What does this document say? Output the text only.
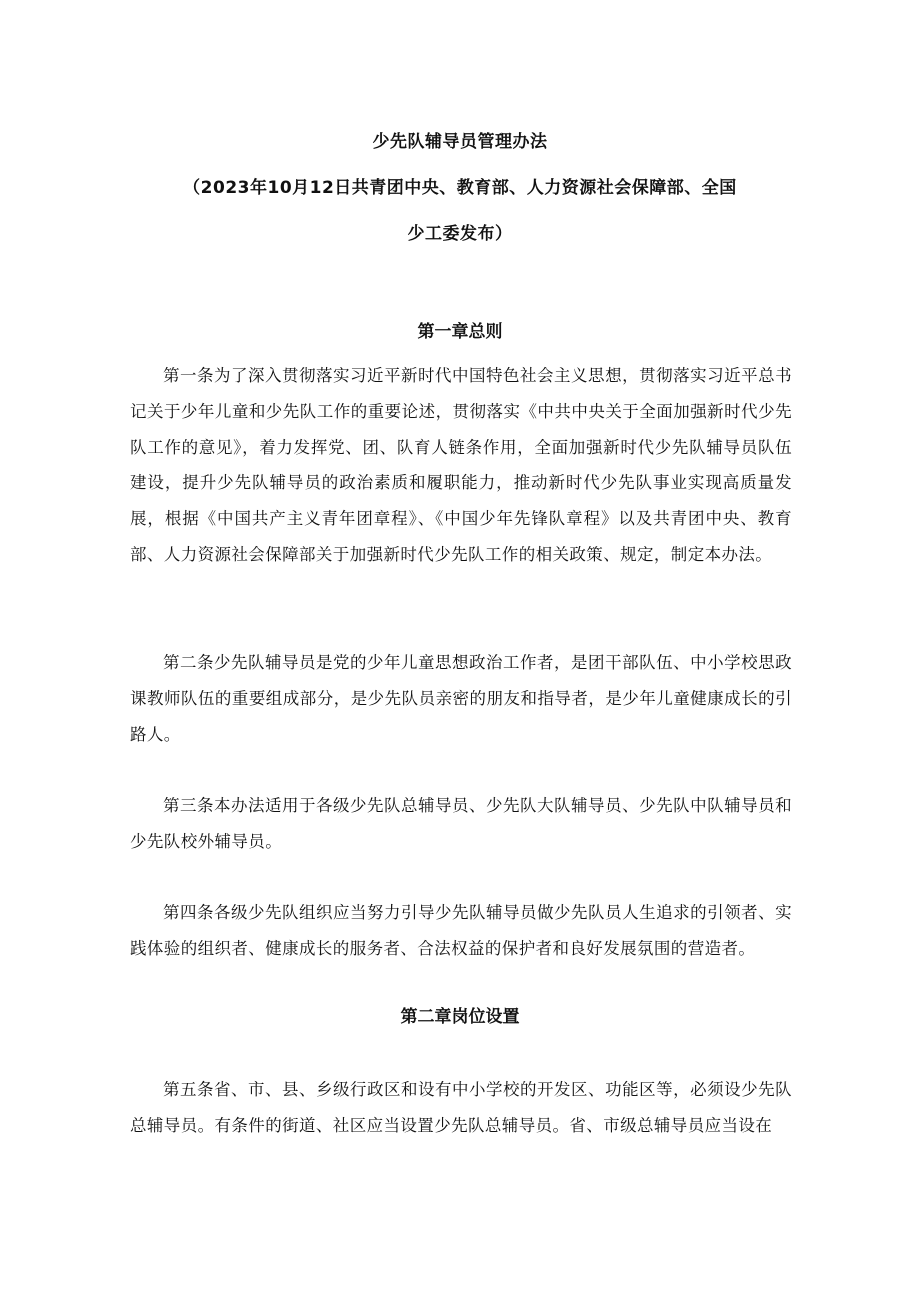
少先队辅导员管理办法
（2023年10月12日共青团中央、教育部、人力资源社会保障部、全国
少工委发布）
第一章总则
第一条为了深入贯彻落实习近平新时代中国特色社会主义思想，贯彻落实习近平总书记关于少年儿童和少先队工作的重要论述，贯彻落实《中共中央关于全面加强新时代少先队工作的意见》，着力发挥党、团、队育人链条作用，全面加强新时代少先队辅导员队伍建设，提升少先队辅导员的政治素质和履职能力，推动新时代少先队事业实现高质量发展，根据《中国共产主义青年团章程》、《中国少年先锋队章程》以及共青团中央、教育部、人力资源社会保障部关于加强新时代少先队工作的相关政策、规定，制定本办法。
第二条少先队辅导员是党的少年儿童思想政治工作者，是团干部队伍、中小学校思政课教师队伍的重要组成部分，是少先队员亲密的朋友和指导者，是少年儿童健康成长的引路人。
第三条本办法适用于各级少先队总辅导员、少先队大队辅导员、少先队中队辅导员和少先队校外辅导员。
第四条各级少先队组织应当努力引导少先队辅导员做少先队员人生追求的引领者、实践体验的组织者、健康成长的服务者、合法权益的保护者和良好发展氛围的营造者。
第二章岗位设置
第五条省、市、县、乡级行政区和设有中小学校的开发区、功能区等，必须设少先队总辅导员。有条件的街道、社区应当设置少先队总辅导员。省、市级总辅导员应当设在
